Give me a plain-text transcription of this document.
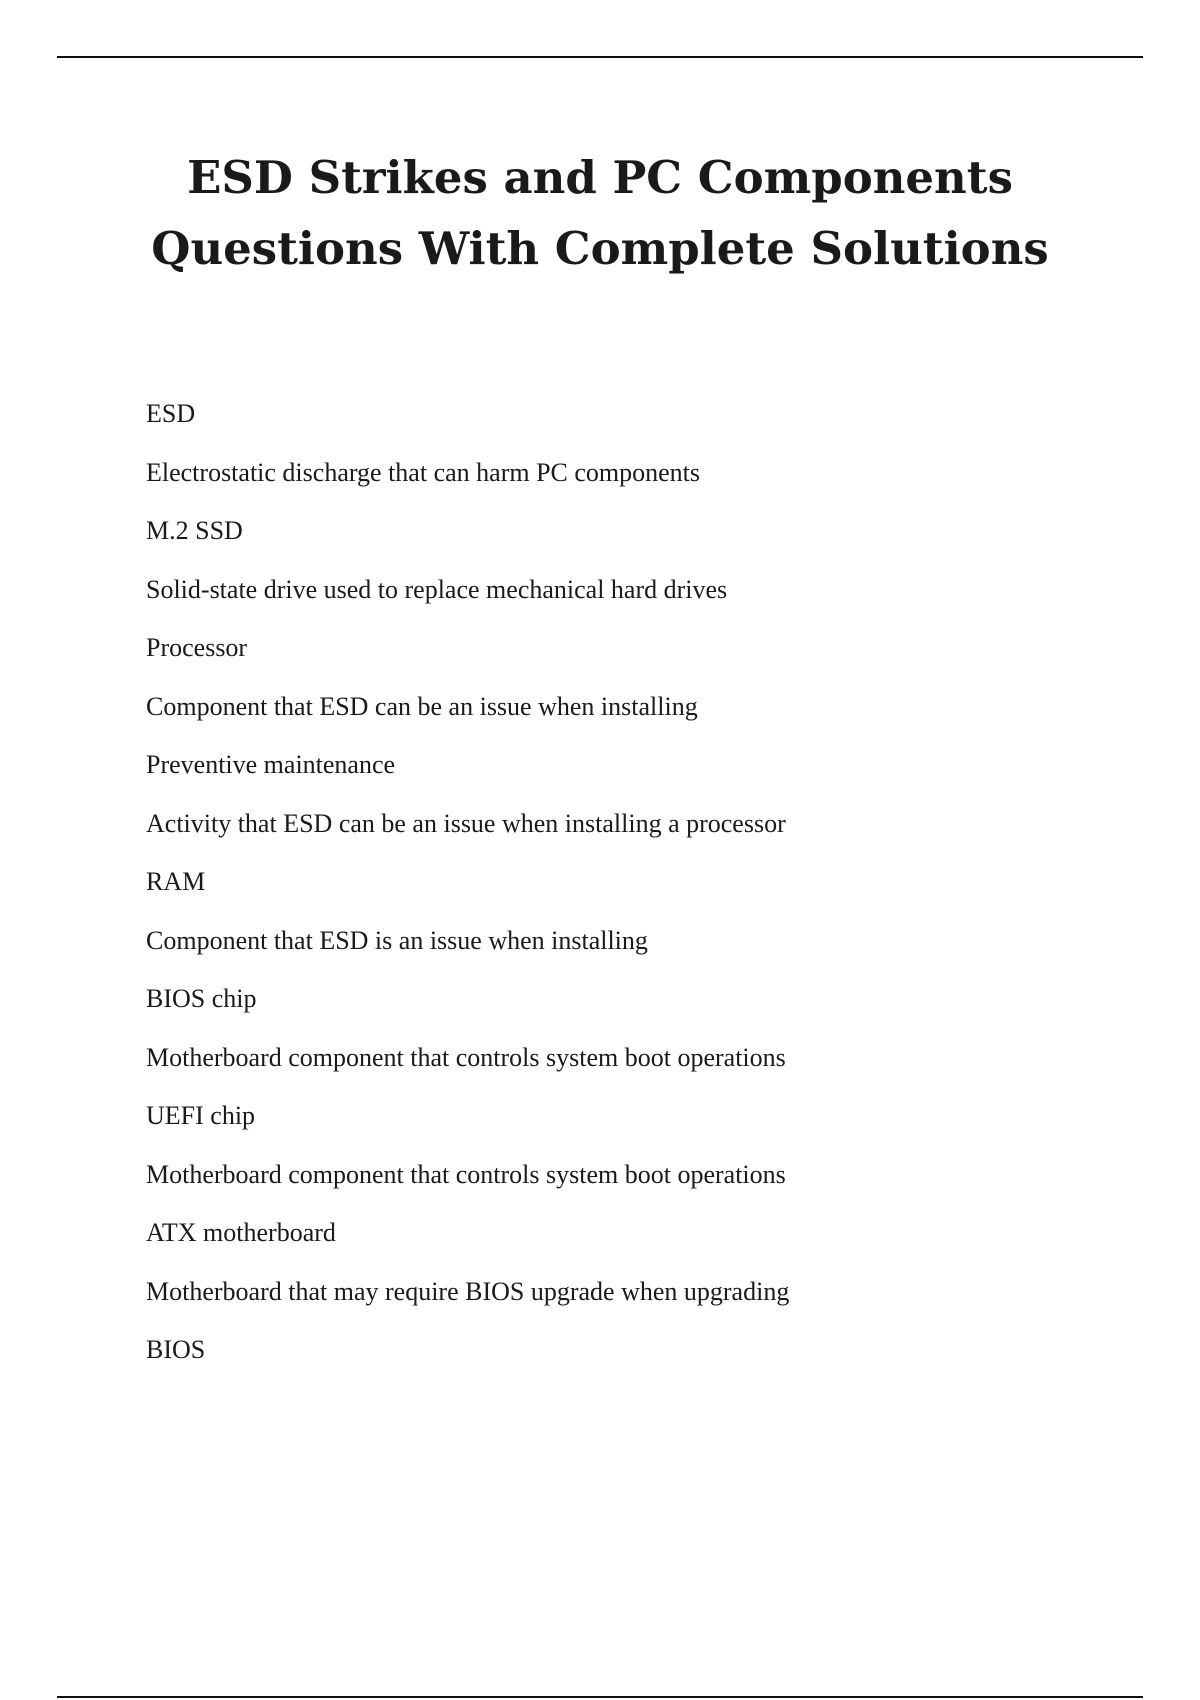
ESD Strikes and PC Components
Questions With Complete Solutions
ESD
Electrostatic discharge that can harm PC components
M.2 SSD
Solid-state drive used to replace mechanical hard drives
Processor
Component that ESD can be an issue when installing
Preventive maintenance
Activity that ESD can be an issue when installing a processor
RAM
Component that ESD is an issue when installing
BIOS chip
Motherboard component that controls system boot operations
UEFI chip
Motherboard component that controls system boot operations
ATX motherboard
Motherboard that may require BIOS upgrade when upgrading
BIOS
